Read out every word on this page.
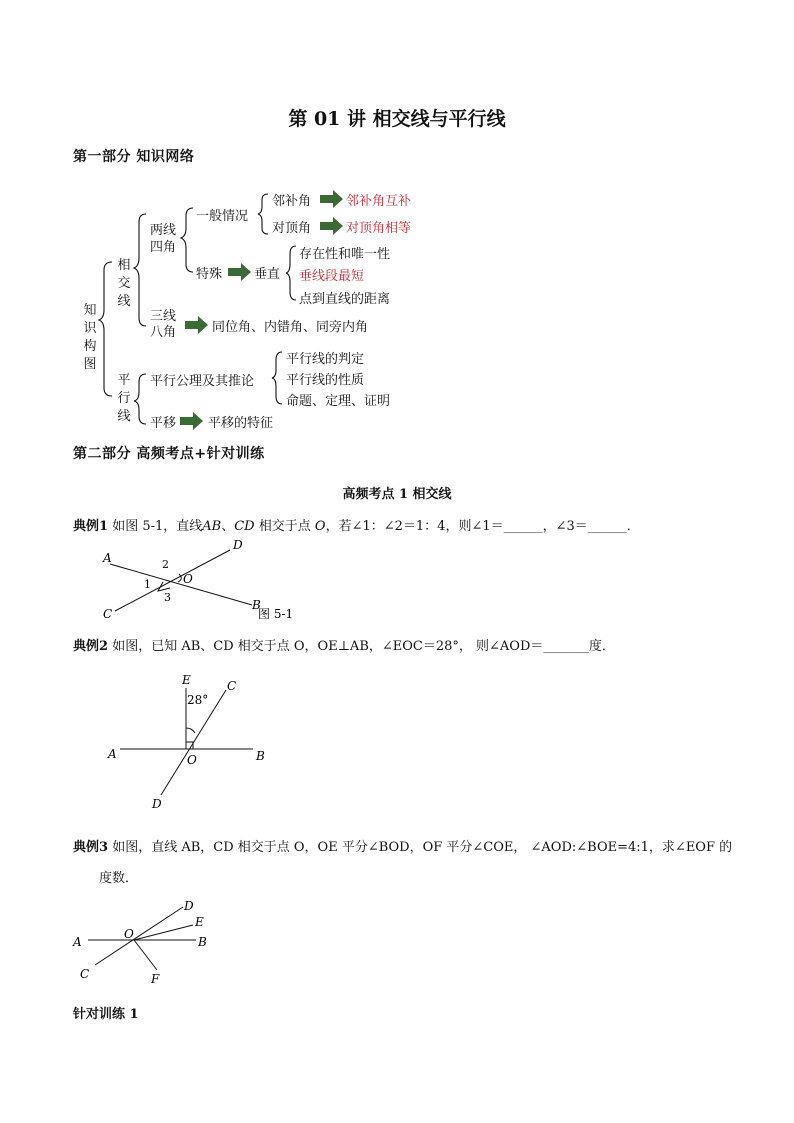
第 01 讲 相交线与平行线
第一部分 知识网络
知识构图
相交线
平行线
两线
四角
三线
八角
一般情况
邻补角	邻补角互补
对顶角	对顶角相等
特殊 垂直
存在性和唯一性
垂线段最短
点到直线的距离
同位角、内错角、同旁内角
平行公理及其推论
平行线的判定
平行线的性质
命题、定理、证明
平移 平移的特征
第二部分 高频考点+针对训练
高频考点 1 相交线
典例1 如图 5-1，直线AB、CD 相交于点 O，若∠1：∠2＝1：4，则∠1＝______，∠3＝______．
A
D
C
B
O
2
1
3
图 5-1
典例2 如图，已知 AB、CD 相交于点 O，OE⊥AB，∠EOC＝28°， 则∠AOD＝_______度．
E	C
A	B
O
D
28°
典例3 如图，直线 AB，CD 相交于点 O，OE 平分∠BOD，OF 平分∠COE， ∠AOD:∠BOE=4:1，求∠EOF 的
度数．
A
O
B
D
E
C	F
针对训练 1
